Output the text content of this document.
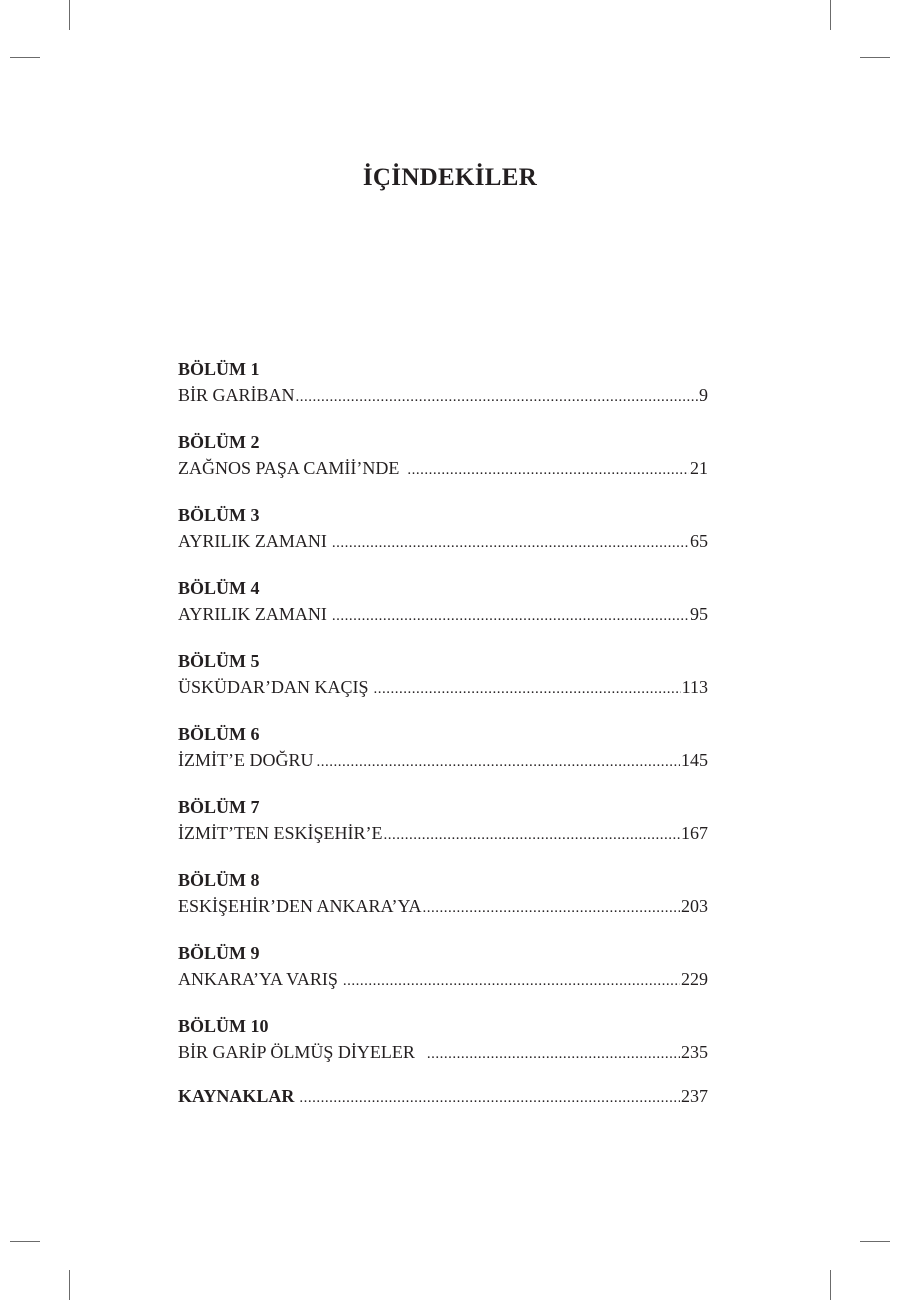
İÇİNDEKİLER
BÖLÜM 1
BİR GARİBAN .....	9
BÖLÜM 2
ZAĞNOS PAŞA CAMİİ’NDE .....	21
BÖLÜM 3
AYRILIK ZAMANI .....	65
BÖLÜM 4
AYRILIK ZAMANI .....	95
BÖLÜM 5
ÜSKÜDAR’DAN KAÇIŞ .....	113
BÖLÜM 6
İZMİT’E DOĞRU .....	145
BÖLÜM 7
İZMİT’TEN ESKİŞEHİR’E .....	167
BÖLÜM 8
ESKİŞEHİR’DEN ANKARA’YA .....	203
BÖLÜM 9
ANKARA’YA VARIŞ .....	229
BÖLÜM 10
BİR GARİP ÖLMÜŞ DİYELER .....	235
KAYNAKLAR .....	237
